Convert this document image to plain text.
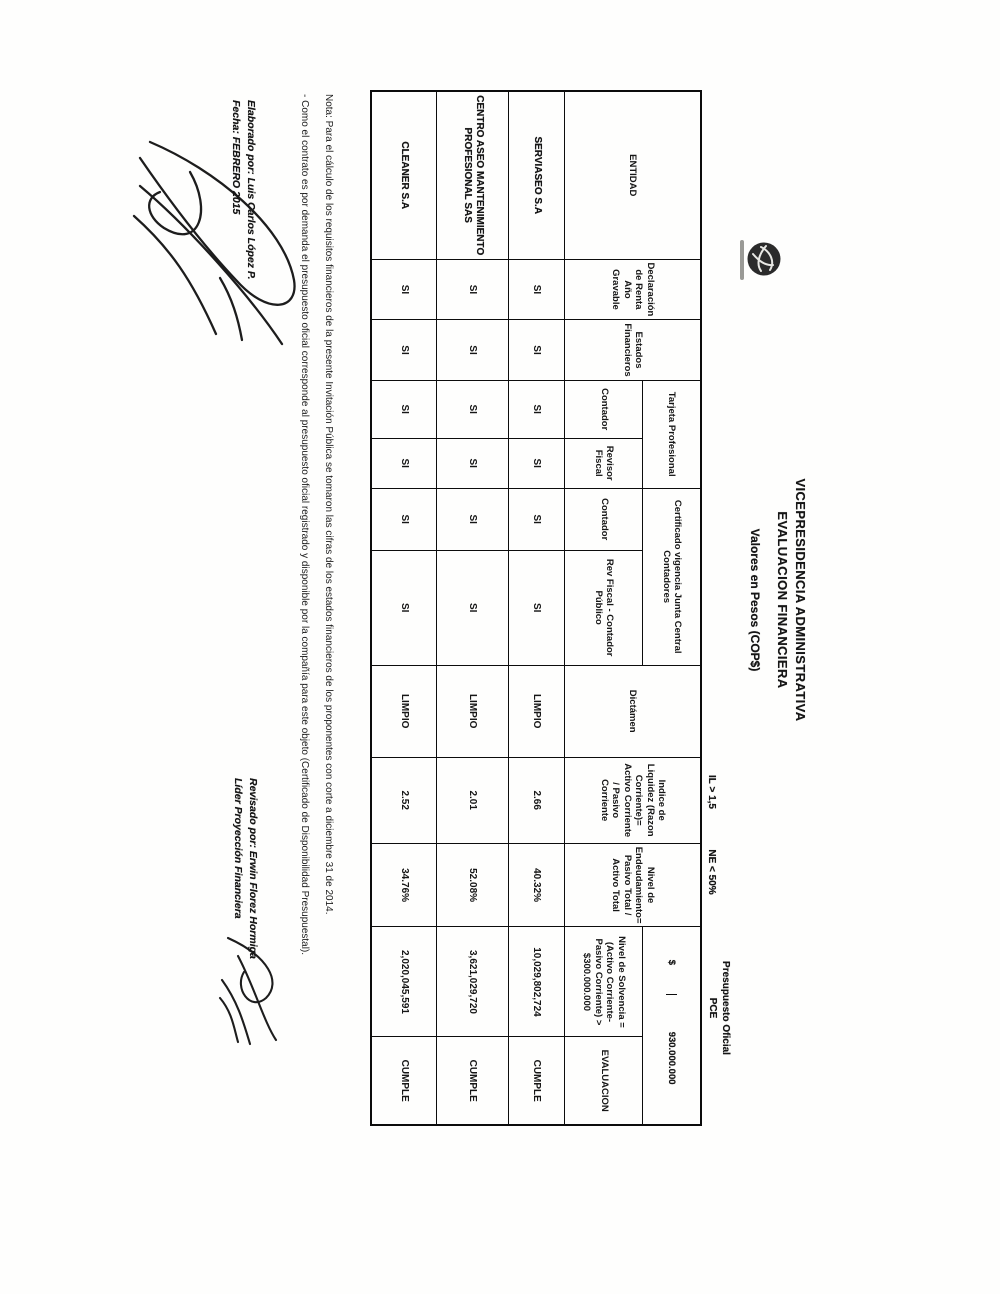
VICEPRESIDENCIA ADMINISTRATIVA
EVALUACION FINANCIERA
Valores en Pesos (COP$)
IL > 1,5
NE < 50%
Presupuesto Oficial
PCE
ENTIDAD	Declaración de Renta Año Gravable	Estados Financieros	Tarjeta Profesional		Certificado vigencia Junta Central Contadores		Dictámen	Indice de Liquidez (Razon Corriente)= Activo Corriente / Pasivo Corriente	Nivel de Endeudamiento= Pasivo Total / Activo Total	$
930.000.000	

			Contador	Revisor Fiscal	Contador	Rev Fiscal - Contador Público				Nivel de Solvencia = (Activo Corriente-Pasivo Corriente) > $300.000.000	EVALUACION
SERVIASEO S.A	SI	SI	SI	SI	SI	SI	LIMPIO	2.66	40.32%	10,029,802,724	CUMPLE
CENTRO ASEO MANTENIMIENTO PROFESIONAL SAS	SI	SI	SI	SI	SI	SI	LIMPIO	2.01	52.08%	3,621,029,720	CUMPLE
CLEANER S.A	SI	SI	SI	SI	SI	SI	LIMPIO	2.52	34.76%	2,020,045,591	CUMPLE
Nota: Para el cálculo de los requisitos financieros de la presente Invitación Pública se tomaron las cifras de los estados financieros de los proponentes con corte a diciembre 31 de 2014.
- Como el contrato es por demanda el presupuesto oficial corresponde al presupuesto oficial registrado y disponible por la compañía para este objeto (Certificado de Disponibilidad Presupuestal).
Elaborado por: Luis Carlos López P.
Fecha: FEBRERO 2015
Revisado por: Erwin Florez Hormiga
Líder Proyección Financiera
